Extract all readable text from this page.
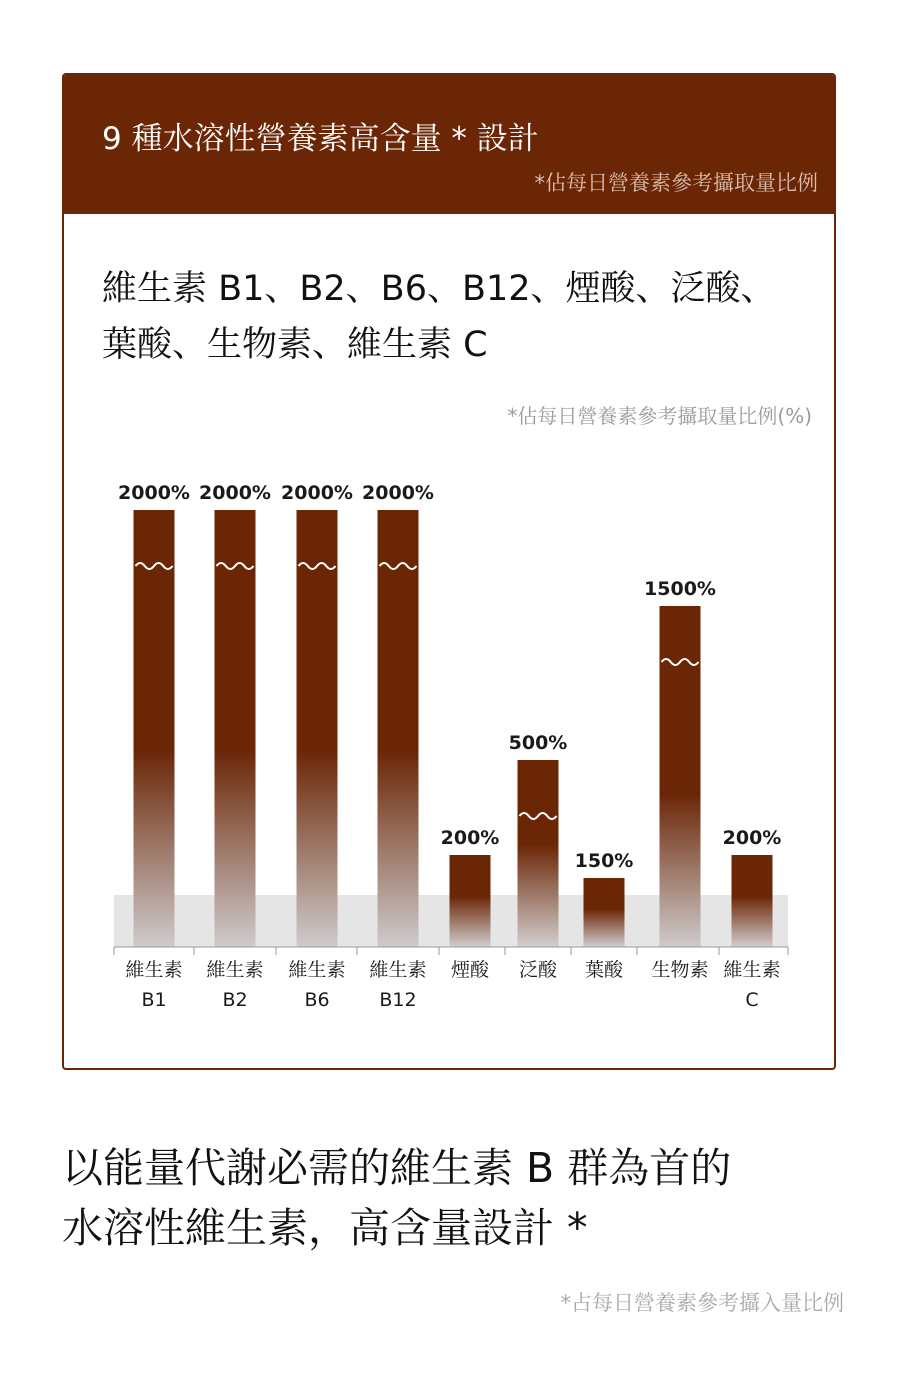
9 種水溶性營養素高含量 * 設計
*佔每日營養素參考攝取量比例
維生素 B1、B2、B6、B12、煙酸、泛酸、
葉酸、生物素、維生素 C
*佔每日營養素參考攝取量比例(%)
2000%
維生素
B1
2000%
維生素
B2
2000%
維生素
B6
2000%
維生素
B12
200%
煙酸
500%
泛酸
150%
葉酸
1500%
生物素
200%
維生素
C
以能量代謝必需的維生素 B 群為首的
水溶性維生素，高含量設計 *
*占每日營養素參考攝入量比例
